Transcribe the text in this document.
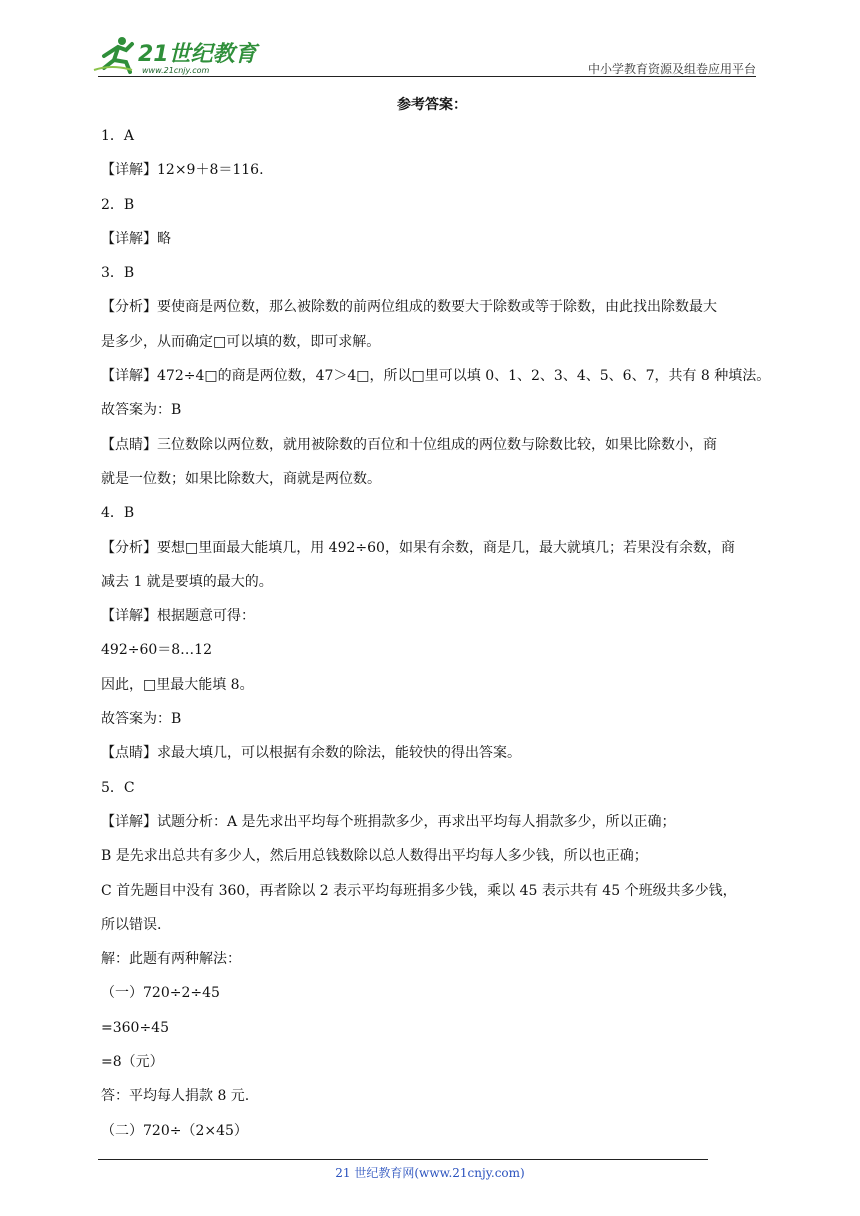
21世纪教育
www.21cnjy.com	中小学教育资源及组卷应用平台
参考答案：
1．A
【详解】12×9＋8＝116.
2．B
【详解】略
3．B
【分析】要使商是两位数，那么被除数的前两位组成的数要大于除数或等于除数，由此找出除数最大
是多少，从而确定□可以填的数，即可求解。
【详解】472÷4□的商是两位数，47＞4□，所以□里可以填 0、1、2、3、4、5、6、7，共有 8 种填法。
故答案为：B
【点睛】三位数除以两位数，就用被除数的百位和十位组成的两位数与除数比较，如果比除数小，商
就是一位数；如果比除数大，商就是两位数。
4．B
【分析】要想□里面最大能填几，用 492÷60，如果有余数，商是几，最大就填几；若果没有余数，商
减去 1 就是要填的最大的。
【详解】根据题意可得：
492÷60＝8…12
因此，□里最大能填 8。
故答案为：B
【点睛】求最大填几，可以根据有余数的除法，能较快的得出答案。
5．C
【详解】试题分析：A 是先求出平均每个班捐款多少，再求出平均每人捐款多少，所以正确；
B 是先求出总共有多少人，然后用总钱数除以总人数得出平均每人多少钱，所以也正确；
C 首先题目中没有 360，再者除以 2 表示平均每班捐多少钱，乘以 45 表示共有 45 个班级共多少钱，
所以错误.
解：此题有两种解法：
（一）720÷2÷45
=360÷45
=8（元）
答：平均每人捐款 8 元.
（二）720÷（2×45）
21 世纪教育网(www.21cnjy.com)
